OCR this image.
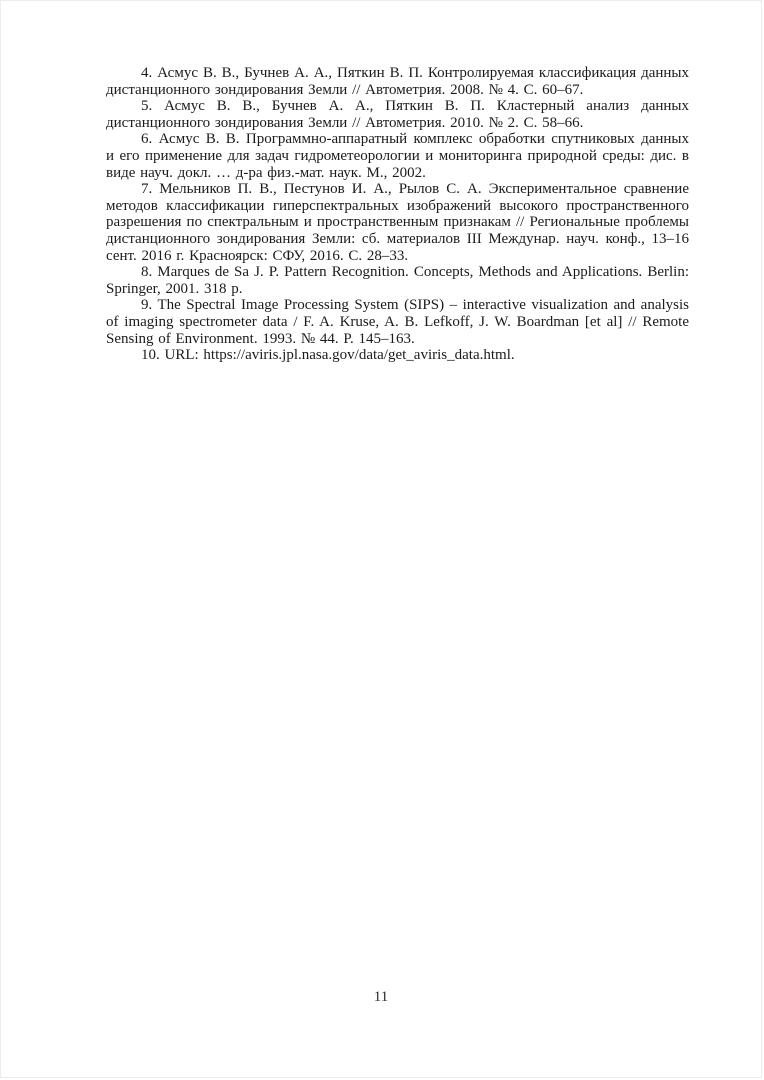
4. Асмус В. В., Бучнев А. А., Пяткин В. П. Контролируемая классификация данных дистанционного зондирования Земли // Автометрия. 2008. № 4. С. 60–67.

5. Асмус В. В., Бучнев А. А., Пяткин В. П. Кластерный анализ данных дистанционного зондирования Земли // Автометрия. 2010. № 2. С. 58–66.

6. Асмус В. В. Программно-аппаратный комплекс обработки спутниковых данных и его применение для задач гидрометеорологии и мониторинга природной среды: дис. в виде науч. докл. … д-ра физ.-мат. наук. М., 2002.

7. Мельников П. В., Пестунов И. А., Рылов С. А. Экспериментальное сравнение методов классификации гиперспектральных изображений высокого пространственного разрешения по спектральным и пространственным признакам // Региональные проблемы дистанционного зондирования Земли: сб. материалов III Междунар. науч. конф., 13–16 сент. 2016 г. Красноярск: СФУ, 2016. С. 28–33.

8. Marques de Sa J. P. Pattern Recognition. Concepts, Methods and Applications. Berlin: Springer, 2001. 318 p.

9. The Spectral Image Processing System (SIPS) – interactive visualization and analysis of imaging spectrometer data / F. A. Kruse, A. B. Lefkoff, J. W. Boardman [et al] // Remote Sensing of Environment. 1993. № 44. P. 145–163.

10. URL: https://aviris.jpl.nasa.gov/data/get_aviris_data.html.

11
